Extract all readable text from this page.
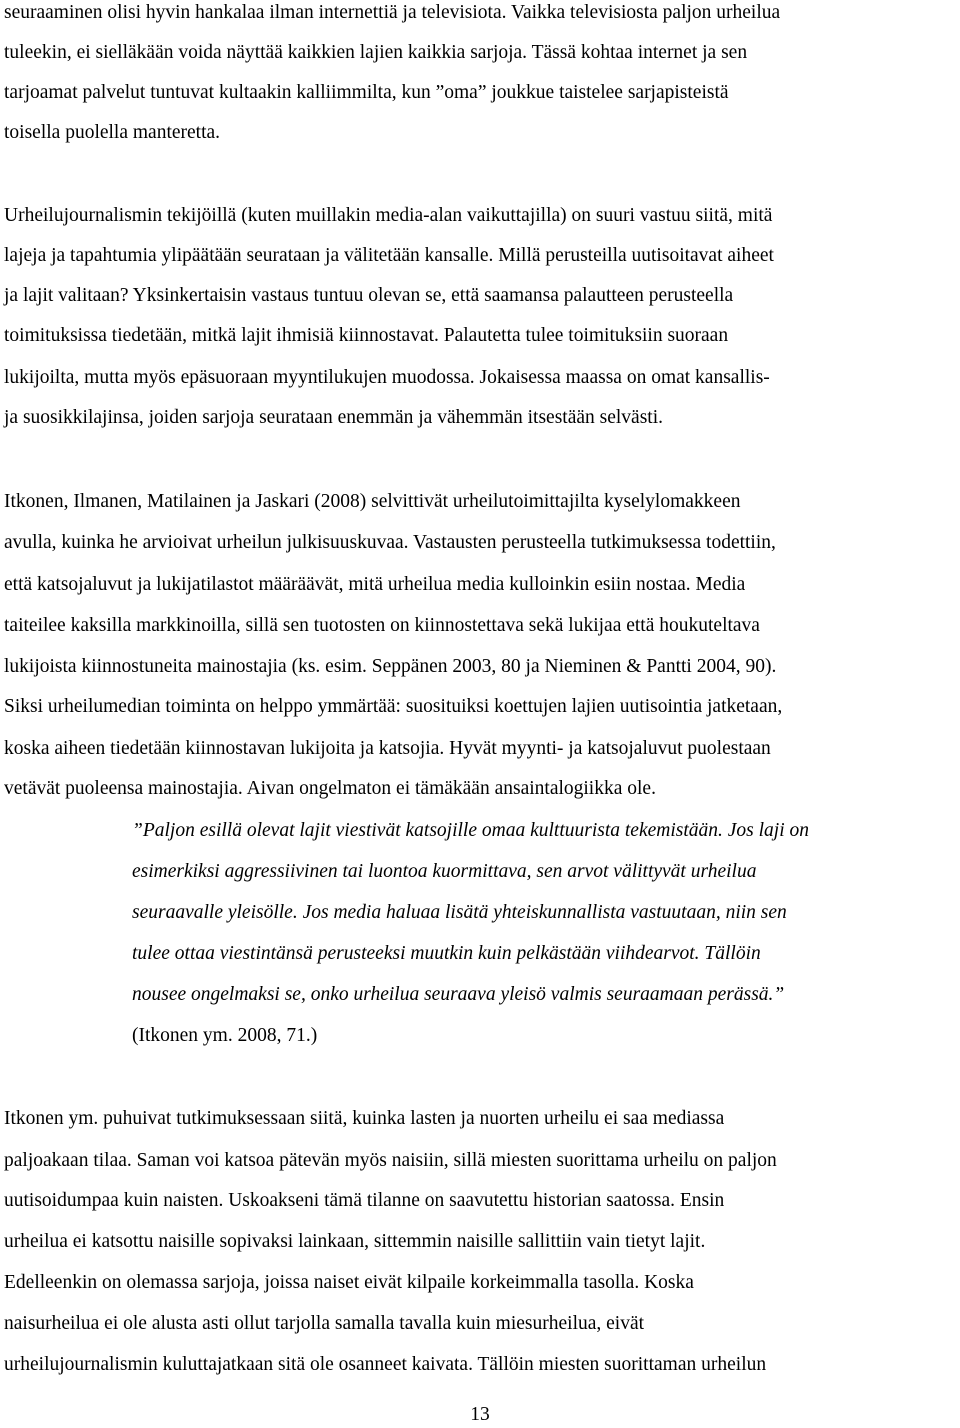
seuraaminen olisi hyvin hankalaa ilman internettiä ja televisiota. Vaikka televisiosta paljon urheilua
tuleekin, ei sielläkään voida näyttää kaikkien lajien kaikkia sarjoja. Tässä kohtaa internet ja sen
tarjoamat palvelut tuntuvat kultaakin kalliimmilta, kun ”oma” joukkue taistelee sarjapisteistä
toisella puolella manteretta.
Urheilujournalismin tekijöillä (kuten muillakin media-alan vaikuttajilla) on suuri vastuu siitä, mitä
lajeja ja tapahtumia ylipäätään seurataan ja välitetään kansalle. Millä perusteilla uutisoitavat aiheet
ja lajit valitaan? Yksinkertaisin vastaus tuntuu olevan se, että saamansa palautteen perusteella
toimituksissa tiedetään, mitkä lajit ihmisiä kiinnostavat. Palautetta tulee toimituksiin suoraan
lukijoilta, mutta myös epäsuoraan myyntilukujen muodossa. Jokaisessa maassa on omat kansallis-
ja suosikkilajinsa, joiden sarjoja seurataan enemmän ja vähemmän itsestään selvästi.
Itkonen, Ilmanen, Matilainen ja Jaskari (2008) selvittivät urheilutoimittajilta kyselylomakkeen
avulla, kuinka he arvioivat urheilun julkisuuskuvaa. Vastausten perusteella tutkimuksessa todettiin,
että katsojaluvut ja lukijatilastot määräävät, mitä urheilua media kulloinkin esiin nostaa. Media
taiteilee kaksilla markkinoilla, sillä sen tuotosten on kiinnostettava sekä lukijaa että houkuteltava
lukijoista kiinnostuneita mainostajia (ks. esim. Seppänen 2003, 80 ja Nieminen & Pantti 2004, 90).
Siksi urheilumedian toiminta on helppo ymmärtää: suosituiksi koettujen lajien uutisointia jatketaan,
koska aiheen tiedetään kiinnostavan lukijoita ja katsojia. Hyvät myynti- ja katsojaluvut puolestaan
vetävät puoleensa mainostajia. Aivan ongelmaton ei tämäkään ansaintalogiikka ole.
”Paljon esillä olevat lajit viestivät katsojille omaa kulttuurista tekemistään. Jos laji on
esimerkiksi aggressiivinen tai luontoa kuormittava, sen arvot välittyvät urheilua
seuraavalle yleisölle. Jos media haluaa lisätä yhteiskunnallista vastuutaan, niin sen
tulee ottaa viestintänsä perusteeksi muutkin kuin pelkästään viihdearvot. Tällöin
nousee ongelmaksi se, onko urheilua seuraava yleisö valmis seuraamaan perässä.”
(Itkonen ym. 2008, 71.)
Itkonen ym. puhuivat tutkimuksessaan siitä, kuinka lasten ja nuorten urheilu ei saa mediassa
paljoakaan tilaa. Saman voi katsoa pätevän myös naisiin, sillä miesten suorittama urheilu on paljon
uutisoidumpaa kuin naisten. Uskoakseni tämä tilanne on saavutettu historian saatossa. Ensin
urheilua ei katsottu naisille sopivaksi lainkaan, sittemmin naisille sallittiin vain tietyt lajit.
Edelleenkin on olemassa sarjoja, joissa naiset eivät kilpaile korkeimmalla tasolla. Koska
naisurheilua ei ole alusta asti ollut tarjolla samalla tavalla kuin miesurheilua, eivät
urheilujournalismin kuluttajatkaan sitä ole osanneet kaivata. Tällöin miesten suorittaman urheilun
13
